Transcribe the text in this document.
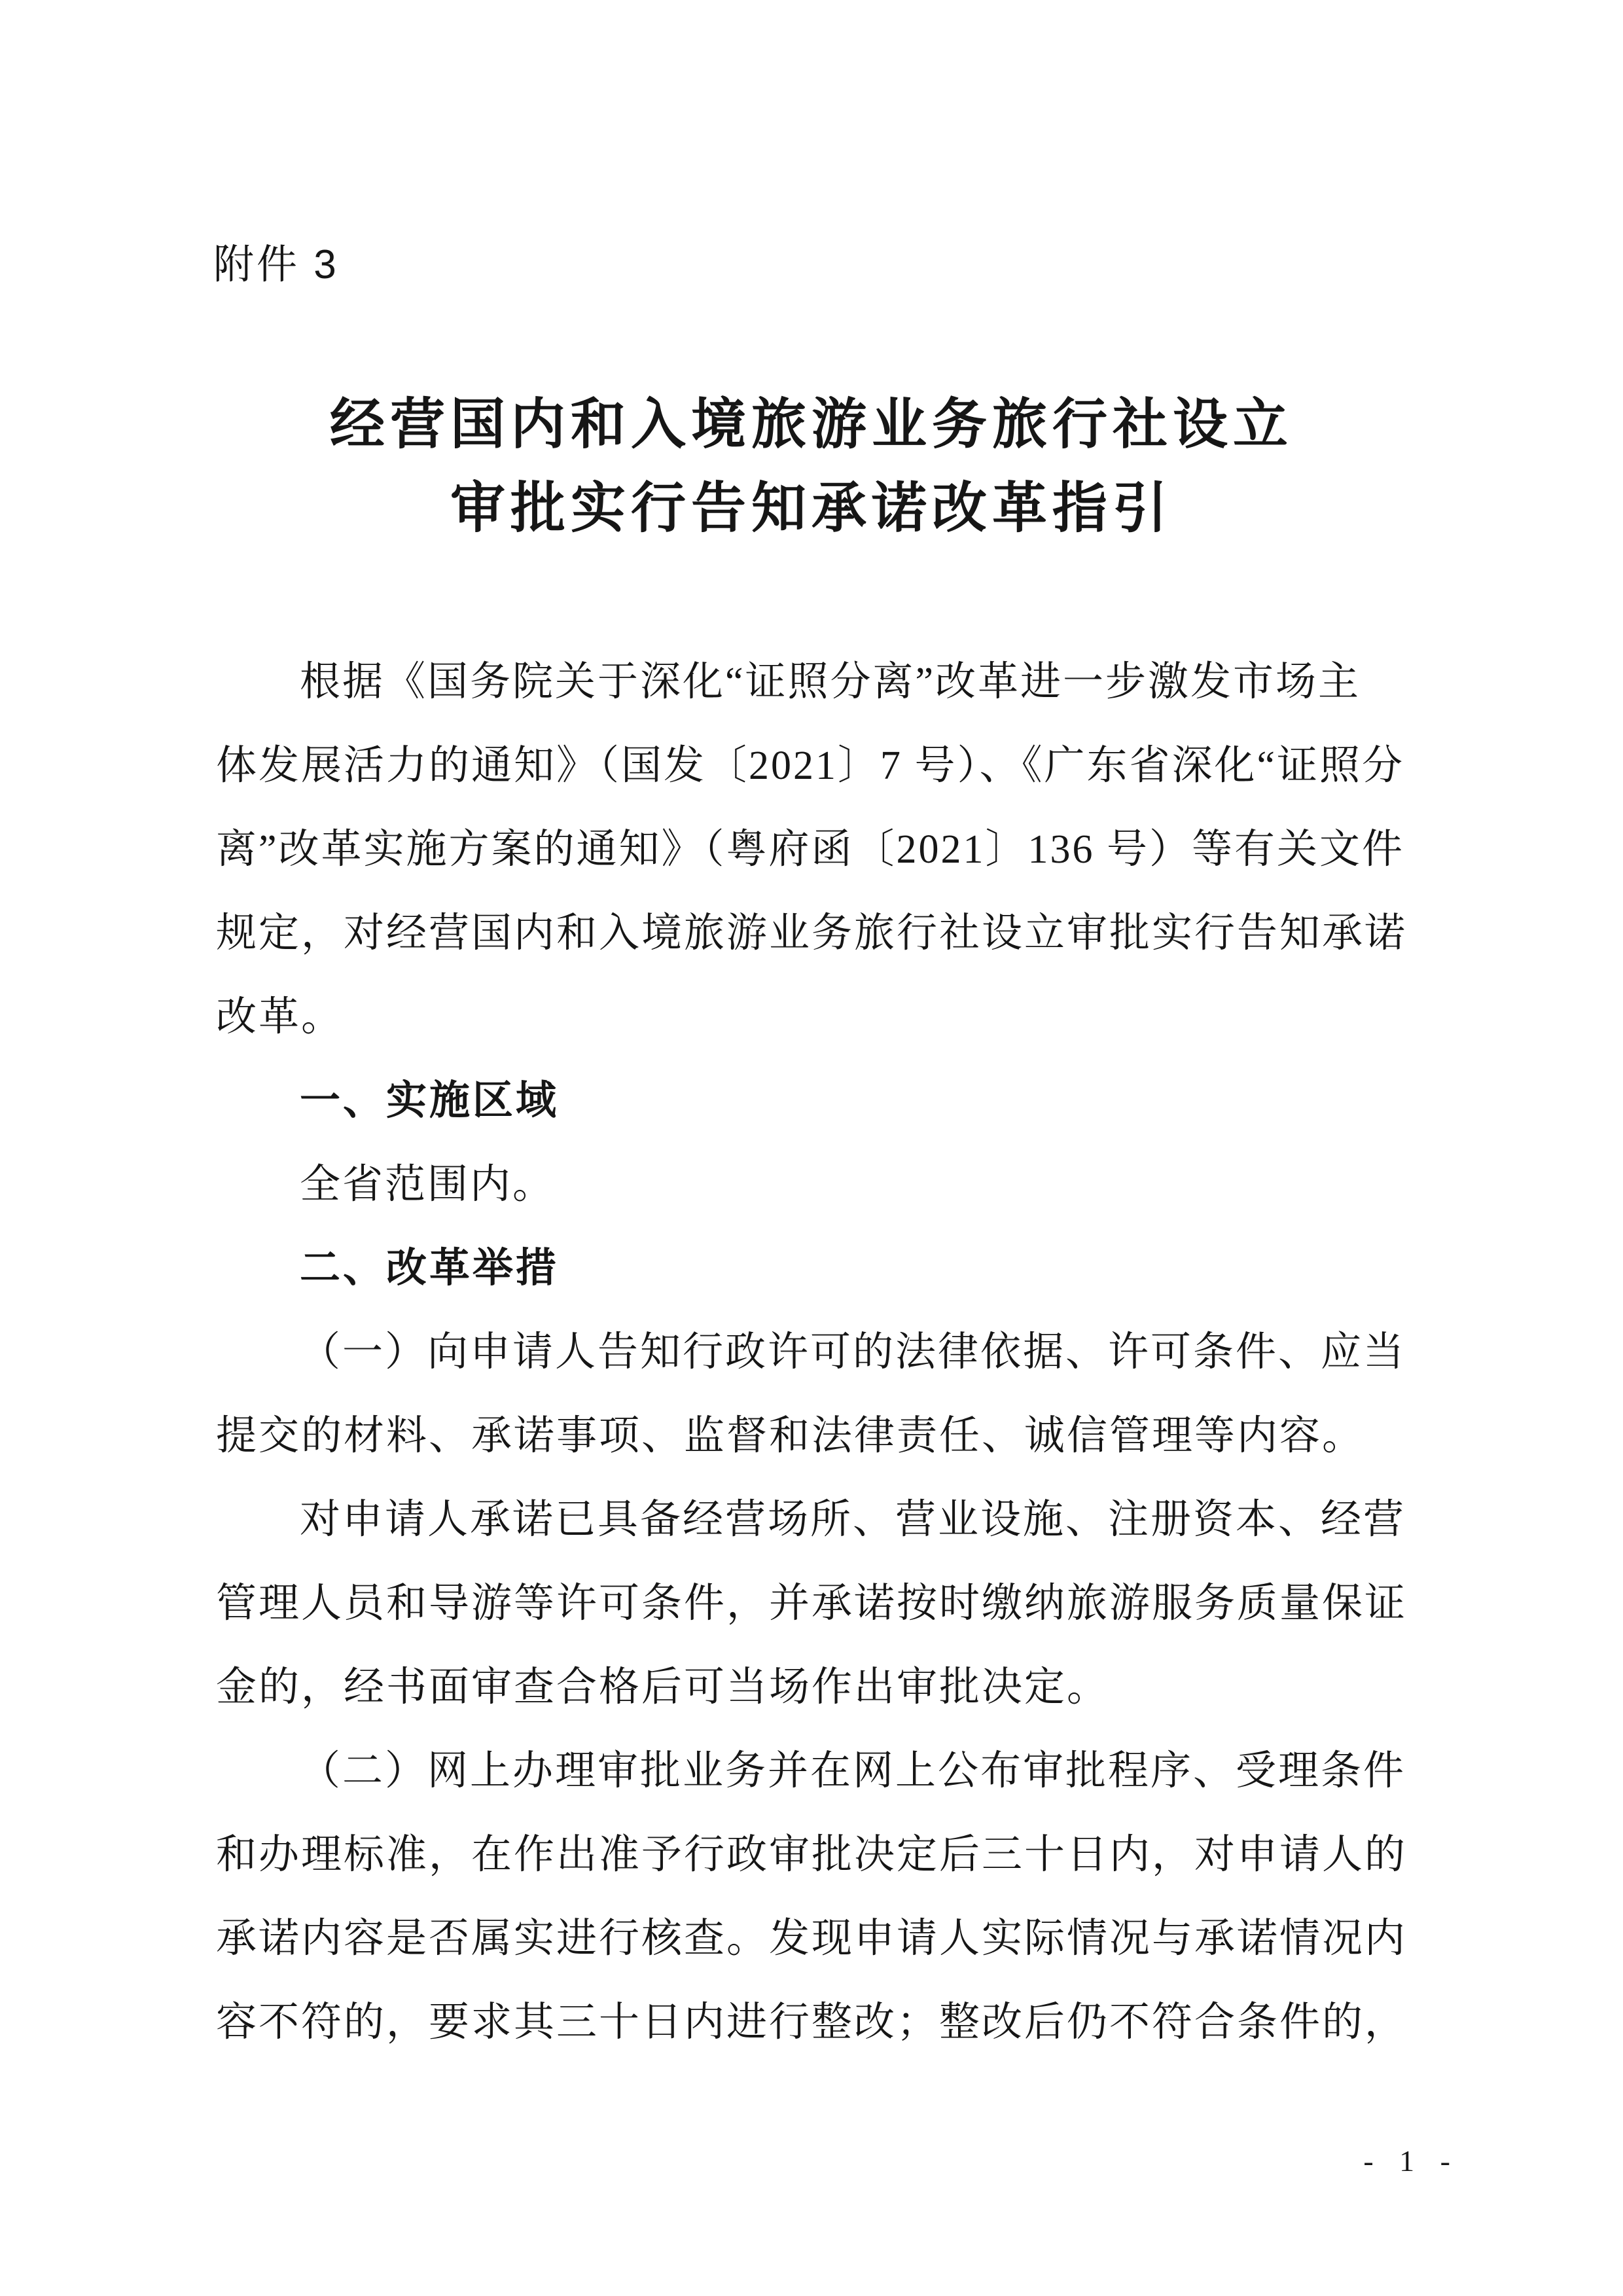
附件 3
经营国内和入境旅游业务旅行社设立
审批实行告知承诺改革指引
根据《国务院关于深化“证照分离”改革进一步激发市场主
体发展活力的通知》（国发〔2021〕7 号）、《广东省深化“证照分
离”改革实施方案的通知》（粤府函〔2021〕136 号）等有关文件
规定，对经营国内和入境旅游业务旅行社设立审批实行告知承诺
改革。
一、实施区域
全省范围内。
二、改革举措
（一）向申请人告知行政许可的法律依据、许可条件、应当
提交的材料、承诺事项、监督和法律责任、诚信管理等内容。
对申请人承诺已具备经营场所、营业设施、注册资本、经营
管理人员和导游等许可条件，并承诺按时缴纳旅游服务质量保证
金的，经书面审查合格后可当场作出审批决定。
（二）网上办理审批业务并在网上公布审批程序、受理条件
和办理标准，在作出准予行政审批决定后三十日内，对申请人的
承诺内容是否属实进行核查。发现申请人实际情况与承诺情况内
容不符的，要求其三十日内进行整改；整改后仍不符合条件的，
- 1 -
